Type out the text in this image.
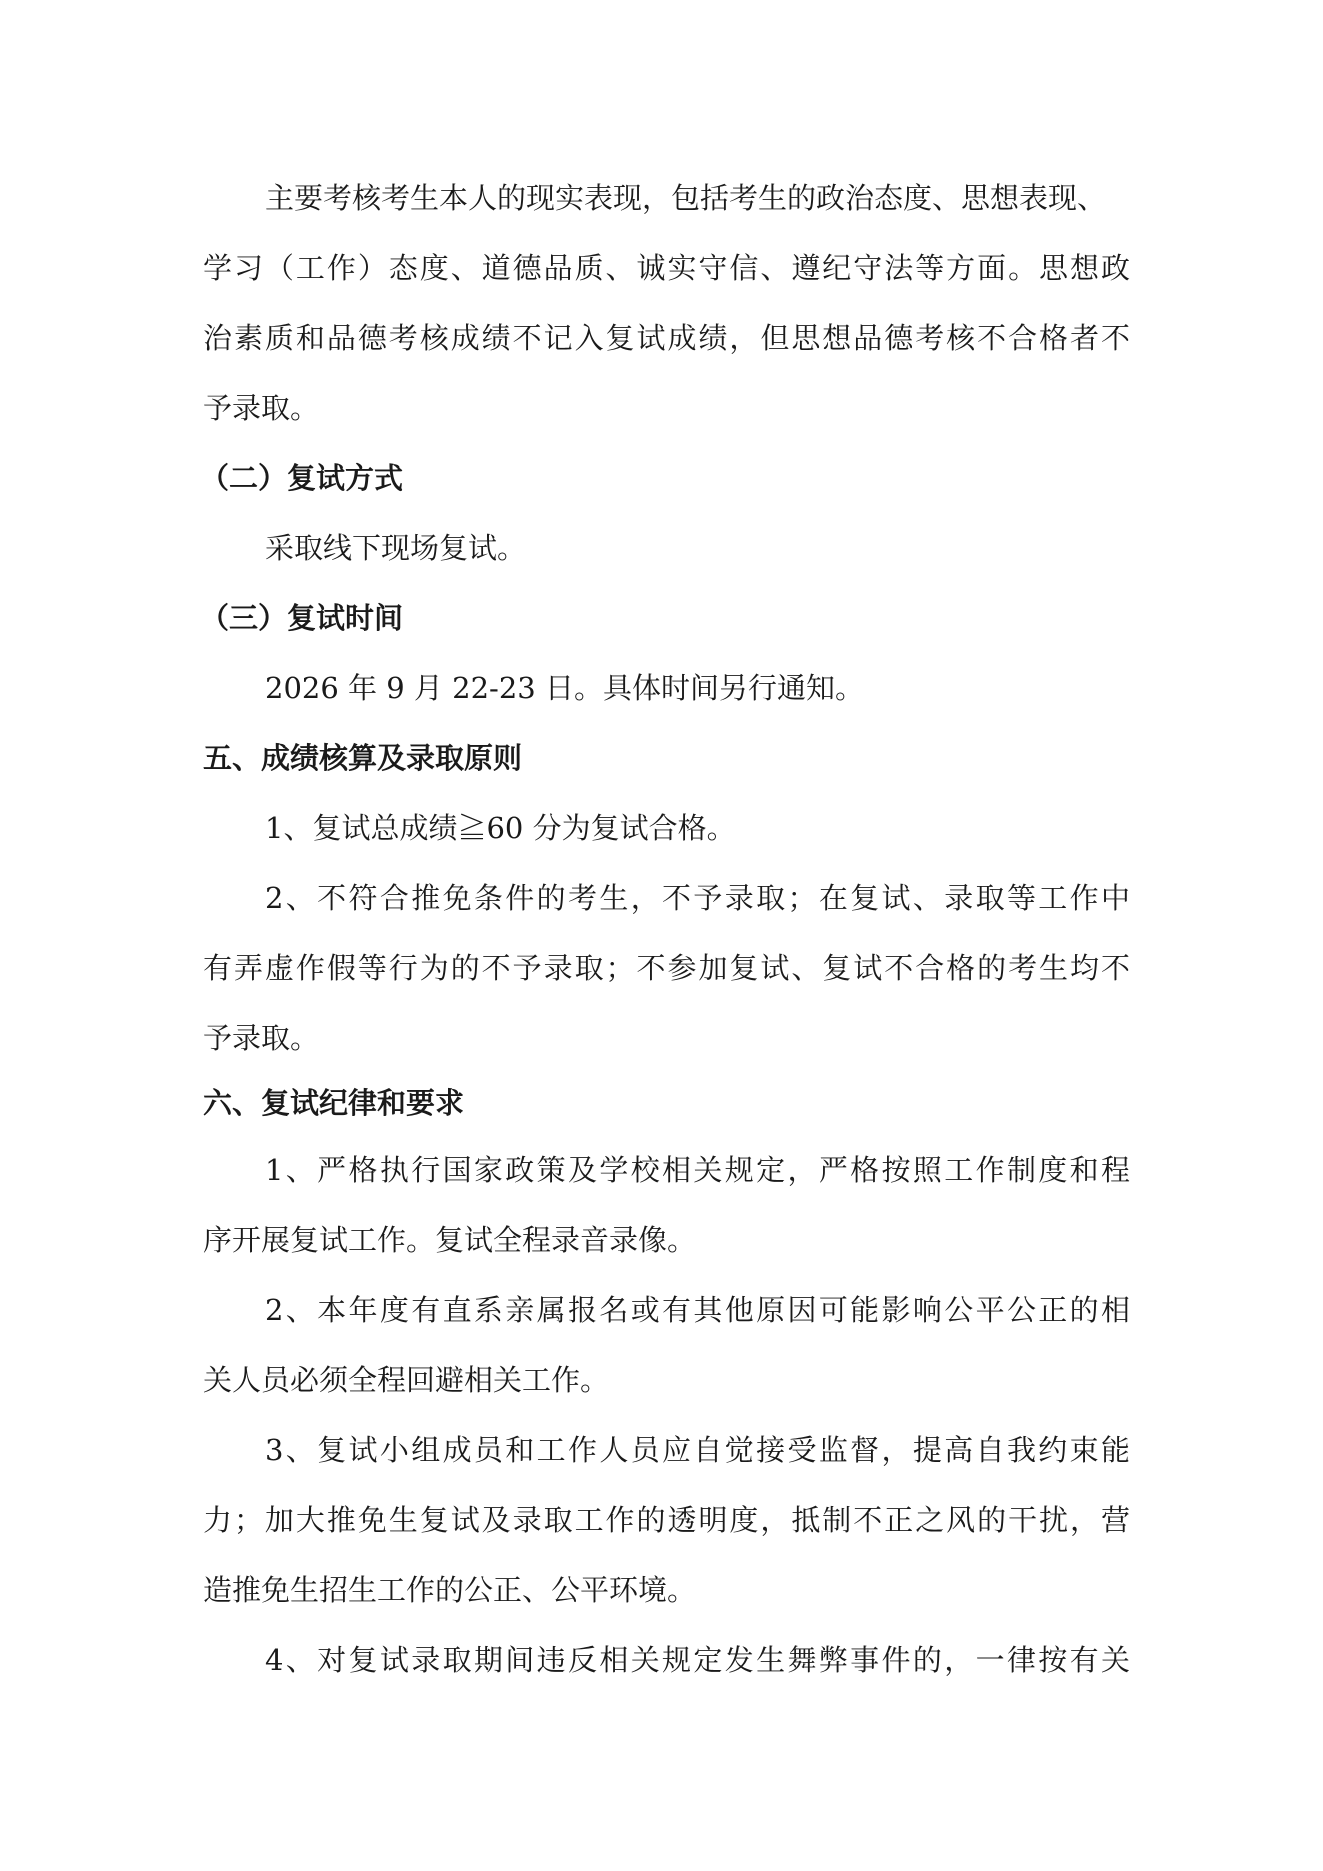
主要考核考生本人的现实表现，包括考生的政治态度、思想表现、
学习（工作）态度、道德品质、诚实守信、遵纪守法等方面。思想政
治素质和品德考核成绩不记入复试成绩，但思想品德考核不合格者不
予录取。
（二）复试方式
采取线下现场复试。
（三）复试时间
2026 年 9 月 22-23 日。具体时间另行通知。
五、成绩核算及录取原则
1、复试总成绩≧60 分为复试合格。
2、不符合推免条件的考生，不予录取；在复试、录取等工作中
有弄虚作假等行为的不予录取；不参加复试、复试不合格的考生均不
予录取。
六、复试纪律和要求
1、严格执行国家政策及学校相关规定，严格按照工作制度和程
序开展复试工作。复试全程录音录像。
2、本年度有直系亲属报名或有其他原因可能影响公平公正的相
关人员必须全程回避相关工作。
3、复试小组成员和工作人员应自觉接受监督，提高自我约束能
力；加大推免生复试及录取工作的透明度，抵制不正之风的干扰，营
造推免生招生工作的公正、公平环境。
4、对复试录取期间违反相关规定发生舞弊事件的，一律按有关
